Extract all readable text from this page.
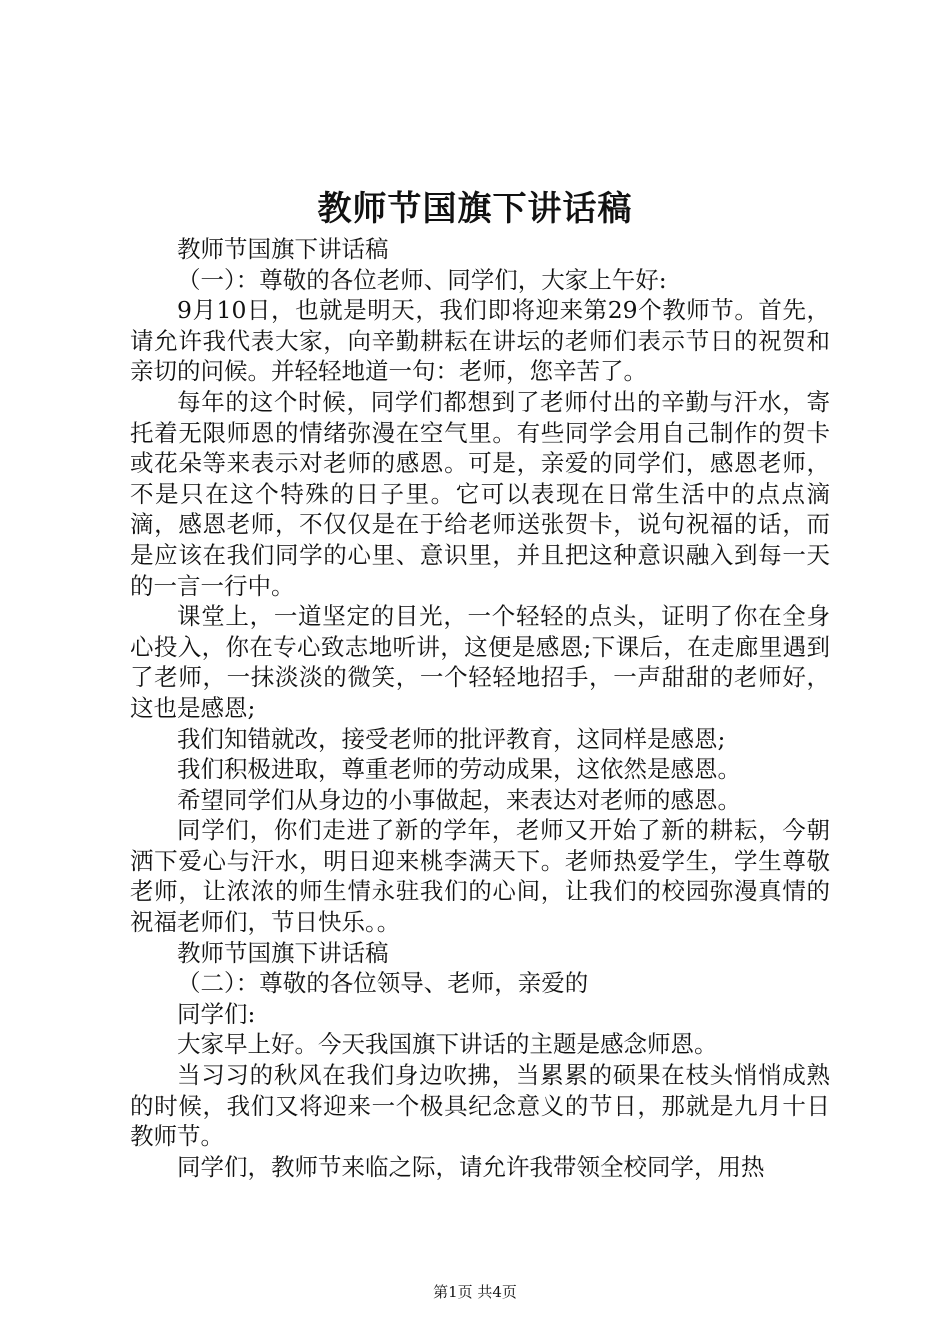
教师节国旗下讲话稿

教师节国旗下讲话稿

（一）：尊敬的各位老师、同学们，大家上午好:

9月10日，也就是明天，我们即将迎来第29个教师节。首先，请允许我代表大家，向辛勤耕耘在讲坛的老师们表示节日的祝贺和亲切的问候。并轻轻地道一句：老师，您辛苦了。

每年的这个时候，同学们都想到了老师付出的辛勤与汗水，寄托着无限师恩的情绪弥漫在空气里。有些同学会用自己制作的贺卡或花朵等来表示对老师的感恩。可是，亲爱的同学们，感恩老师，不是只在这个特殊的日子里。它可以表现在日常生活中的点点滴滴，感恩老师，不仅仅是在于给老师送张贺卡，说句祝福的话，而是应该在我们同学的心里、意识里，并且把这种意识融入到每一天的一言一行中。

课堂上，一道坚定的目光，一个轻轻的点头，证明了你在全身心投入，你在专心致志地听讲，这便是感恩;下课后，在走廊里遇到了老师，一抹淡淡的微笑，一个轻轻地招手，一声甜甜的老师好，这也是感恩;

我们知错就改，接受老师的批评教育，这同样是感恩;

我们积极进取，尊重老师的劳动成果，这依然是感恩。

希望同学们从身边的小事做起，来表达对老师的感恩。

同学们，你们走进了新的学年，老师又开始了新的耕耘，今朝洒下爱心与汗水，明日迎来桃李满天下。老师热爱学生，学生尊敬老师，让浓浓的师生情永驻我们的心间，让我们的校园弥漫真情的祝福老师们，节日快乐。。

教师节国旗下讲话稿

（二）：尊敬的各位领导、老师，亲爱的

同学们:

大家早上好。今天我国旗下讲话的主题是感念师恩。

当习习的秋风在我们身边吹拂，当累累的硕果在枝头悄悄成熟的时候，我们又将迎来一个极具纪念意义的节日，那就是九月十日教师节。

同学们，教师节来临之际，请允许我带领全校同学，用热

第1页 共4页
